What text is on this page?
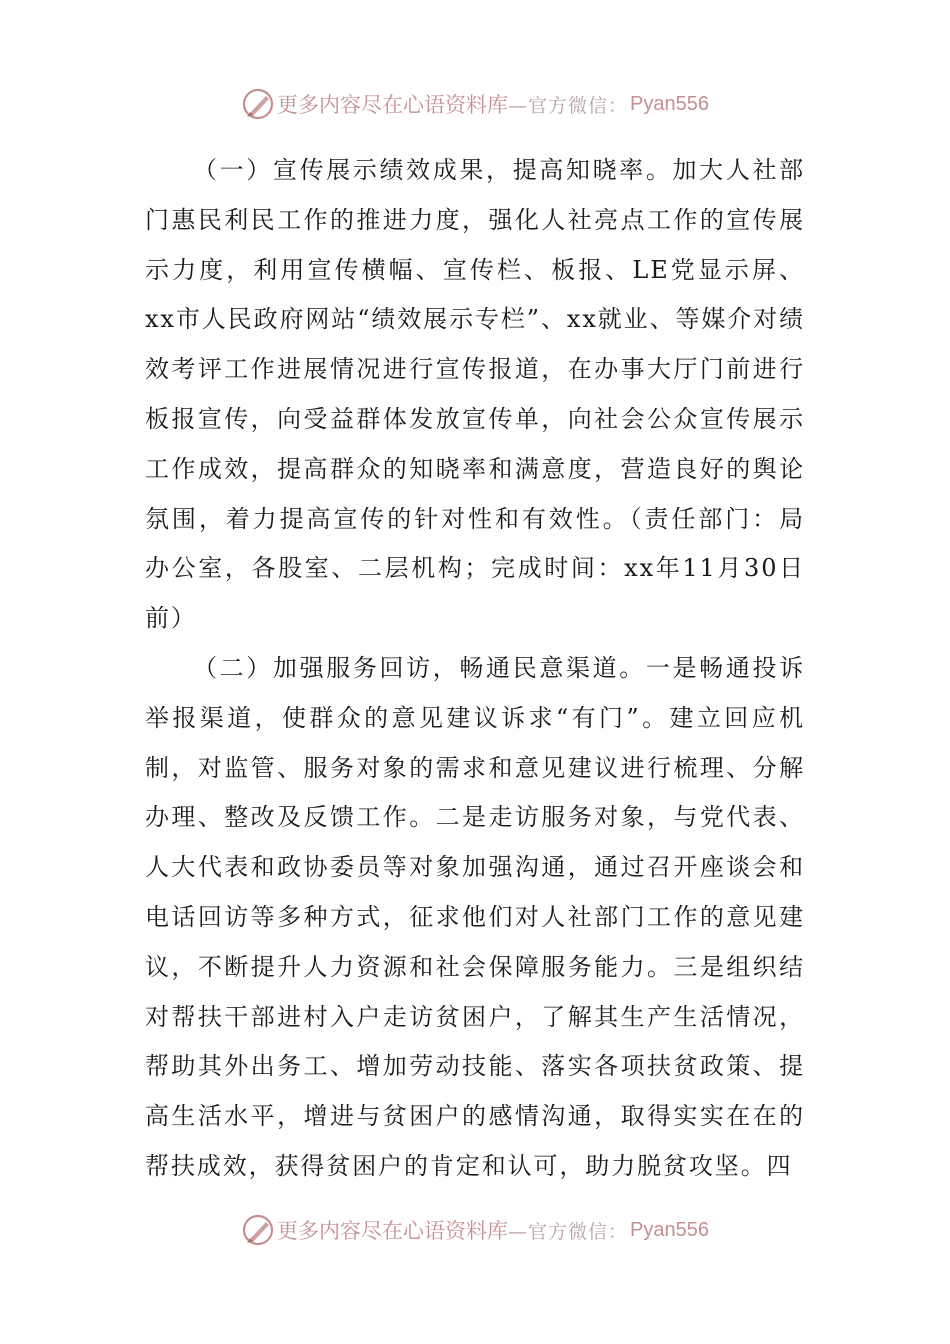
更多内容尽在心语资料库 —官方微信： Pyan556

（一）宣传展示绩效成果，提高知晓率。加大人社部门惠民利民工作的推进力度，强化人社亮点工作的宣传展示力度，利用宣传横幅、宣传栏、板报、LE党显示屏、xx市人民政府网站“绩效展示专栏”、xx就业、等媒介对绩效考评工作进展情况进行宣传报道，在办事大厅门前进行板报宣传，向受益群体发放宣传单，向社会公众宣传展示工作成效，提高群众的知晓率和满意度，营造良好的舆论氛围，着力提高宣传的针对性和有效性。（责任部门：局办公室，各股室、二层机构；完成时间：xx年11月30日前）

（二）加强服务回访，畅通民意渠道。一是畅通投诉举报渠道，使群众的意见建议诉求“有门”。建立回应机制，对监管、服务对象的需求和意见建议进行梳理、分解办理、整改及反馈工作。二是走访服务对象，与党代表、人大代表和政协委员等对象加强沟通，通过召开座谈会和电话回访等多种方式，征求他们对人社部门工作的意见建议，不断提升人力资源和社会保障服务能力。三是组织结对帮扶干部进村入户走访贫困户，了解其生产生活情况，帮助其外出务工、增加劳动技能、落实各项扶贫政策、提高生活水平，增进与贫困户的感情沟通，取得实实在在的帮扶成效，获得贫困户的肯定和认可，助力脱贫攻坚。四

更多内容尽在心语资料库 —官方微信： Pyan556
